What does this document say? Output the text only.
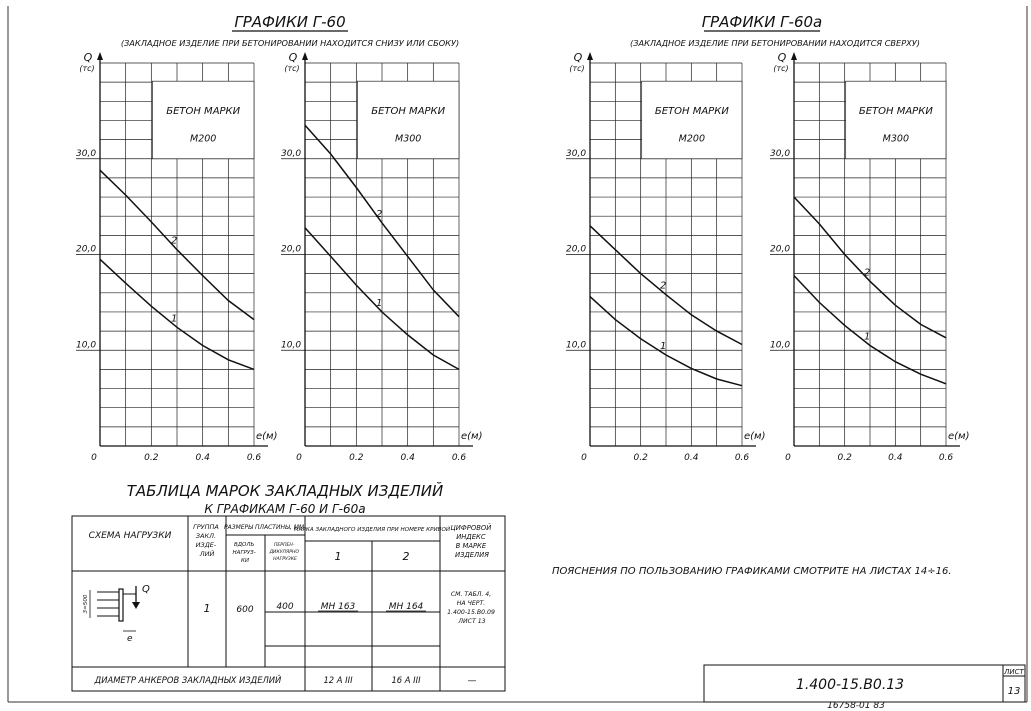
ГРАФИКИ Г-60
(ЗАКЛАДНОЕ ИЗДЕЛИЕ ПРИ БЕТОНИРОВАНИИ НАХОДИТСЯ СНИЗУ ИЛИ СБОКУ)
ГРАФИКИ Г-60а
(ЗАКЛАДНОЕ ИЗДЕЛИЕ ПРИ БЕТОНИРОВАНИИ НАХОДИТСЯ СВЕРХУ)
БЕТОН МАРКИ
М200
Q
(тс)
10,0
20,0
30,0
0	0.2	0.4	0.6
e(м)
1
2
БЕТОН МАРКИ
М300
Q
(тс)
10,0
20,0
30,0
0	0.2	0.4	0.6
e(м)
1
2
БЕТОН МАРКИ
М200
Q
(тс)
10,0
20,0
30,0
0	0.2	0.4	0.6
e(м)
1
2
БЕТОН МАРКИ
М300
Q
(тс)
10,0
20,0
30,0
0	0.2	0.4	0.6
e(м)
1
2
ТАБЛИЦА МАРОК ЗАКЛАДНЫХ ИЗДЕЛИЙ
К ГРАФИКАМ Г-60 И Г-60а
СХЕМА НАГРУЗКИ
ГРУППА ЗАКЛ. ИЗДЕ- ЛИЙ
РАЗМЕРЫ ПЛАСТИНЫ, ММ.
ВДОЛЬ НАГРУЗ- КИ
ПЕРПЕН- ДИКУЛЯРНО НАГРУЗКЕ
МАРКА ЗАКЛАДНОГО ИЗДЕЛИЯ ПРИ НОМЕРЕ КРИВОЙ
1	2
ЦИФРОВОЙ ИНДЕКС В МАРКЕ ИЗДЕЛИЯ
1	600	400	МН 163	МН 164
СМ. ТАБЛ. 4, НА ЧЕРТ. 1.400-15.В0.09 ЛИСТ 13
Q
e
3=500
ДИАМЕТР АНКЕРОВ ЗАКЛАДНЫХ ИЗДЕЛИЙ	12 А III	16 А III	—
ПОЯСНЕНИЯ ПО ПОЛЬЗОВАНИЮ ГРАФИКАМИ СМОТРИТЕ НА ЛИСТАХ 14÷16.
1.400-15.В0.13
ЛИСТ
13
16758-01 83
